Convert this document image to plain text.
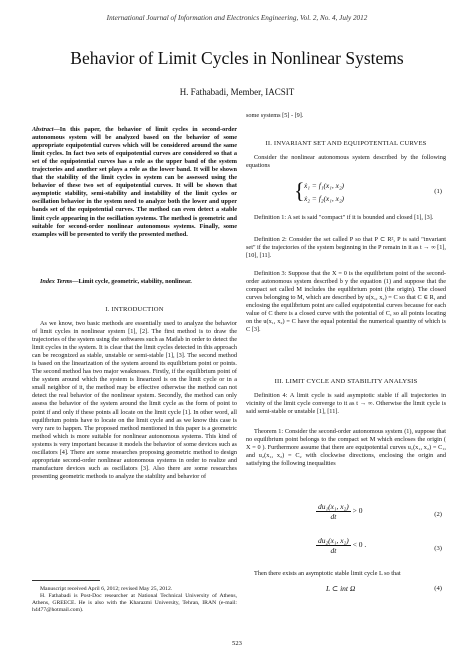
International Journal of Information and Electronics Engineering, Vol. 2, No. 4, July 2012
Behavior of Limit Cycles in Nonlinear Systems
H. Fathabadi, Member, IACSIT
Abstract—In this paper, the behavior of limit cycles in second-order autonomous system will be analyzed based on the behavior of some appropriate equipotential curves which will be considered around the same limit cycles. In fact two sets of equipotential curves are considered so that a set of the equipotential curves has a role as the upper band of the system trajectories and another set plays a role as the lower band. It will be shown that the stability of the limit cycles in system can be assessed using the behavior of these two set of equipotential curves. It will be shown that asymptotic stability, semi-stability and instability of the limit cycles or oscillation behavior in the system need to analyze both the lower and upper bands set of the equipotential curves. The method can even detect a stable limit cycle appearing in the oscillation systems. The method is geometric and suitable for second-order nonlinear autonomous systems. Finally, some examples will be presented to verify the presented method.
Index Terms—Limit cycle, geometric, stability, nonlinear.
I. INTRODUCTION

As we know, two basic methods are essentially used to analyze the behavior of limit cycles in nonlinear system [1], [2]. The first method is to draw the trajectories of the system using the softwares such as Matlab in order to detect the limit cycles in the system. It is clear that the limit cycles detected in this approach can be recognized as stable, unstable or semi-stable [1], [3]. The second method is based on the linearization of the system around its equilibrium point or points. The second method has two major weaknesses. Firstly, if the equilibrium point of the system around which the system is linearized is on the limit cycle or in a small neighbor of it, the method may be effective otherwise the method can not detect the real behavior of the nonlinear system. Secondly, the method can only assess the behavior of the system around the limit cycle as the form of point to point if and only if these points all locate on the limit cycle [1]. In other word, all equilibrium points have to locate on the limit cycle and as we know this case is very rare to happen. The proposed method mentioned in this paper is a geometric method which is more suitable for nonlinear autonomous systems. This kind of systems is very important because it models the behavior of some devices such as oscillators [4]. There are some researches proposing geometric method to design appropriate second-order nonlinear autonomous systems in order to realize and manufacture devices such as oscillators [3]. Also there are some researches presenting geometric methods to analyze the stability and behavior of

Manuscript received April 6, 2012; revised May 25, 2012.

H. Fathabadi is Post-Doc researcher at National Technical University of Athens, Athens, GREECE. He is also with the Kharazmi University, Tehran, IRAN (e-mail: h4477@hotmail.com).

some systems [5] - [9].
II. INVARIANT SET AND EQUIPOTENTIAL CURVES

Consider the nonlinear autonomous system described by the following equations

{ ẋ₁ = f₁(x₁, x₂)
ẋ₂ = f₂(x₁, x₂)
(1)

Definition 1: A set is said "compact" if it is bounded and closed [1], [3].

Definition 2: Consider the set called P so that P ⊂ R², P is said "invariant set" if the trajectories of the system beginning in the P remain in it as t → ∞ [1], [10], [11].

Definition 3: Suppose that the X = 0 is the equilibrium point of the second-order autonomous system described b y the equation (1) and suppose that the compact set called M includes the equilibrium point (the origin). The closed curves belonging to M, which are described by u(x₁, x₂) = C so that C ∈ R, and enclosing the equilibrium point are called equipotential curves because for each value of C there is a closed curve with the potential of C, so all points locating on the u(x₁, x₂) = C have the equal potential the numerical quantity of which is C [3].

III. LIMIT CYCLE AND STABILITY ANALYSIS

Definition 4: A limit cycle is said asymptotic stable if all trajectories in vicinity of the limit cycle converge to it as t → ∞. Otherwise the limit cycle is said semi-stable or unstable [1], [11].

Theorem 1: Consider the second-order autonomous system (1), suppose that no equilibrium point belongs to the compact set M which encloses the origin ( X = 0 ). Furthermore assume that there are equipotential curves u₁(x₁, x₂) = C₁, and u₂(x₁, x₂) = C₂ with clockwise directions, enclosing the origin and satisfying the following inequalities

$\frac{\text{du₁(x₁, x₂)}}{dt} > 0$	(2)
$\frac{\text{du₂(x₁, x₂)}}{dt} < 0$ .	(3)

Then there exists an asymptotic stable limit cycle L so that

L ⊂ int Ω	(4)
523
